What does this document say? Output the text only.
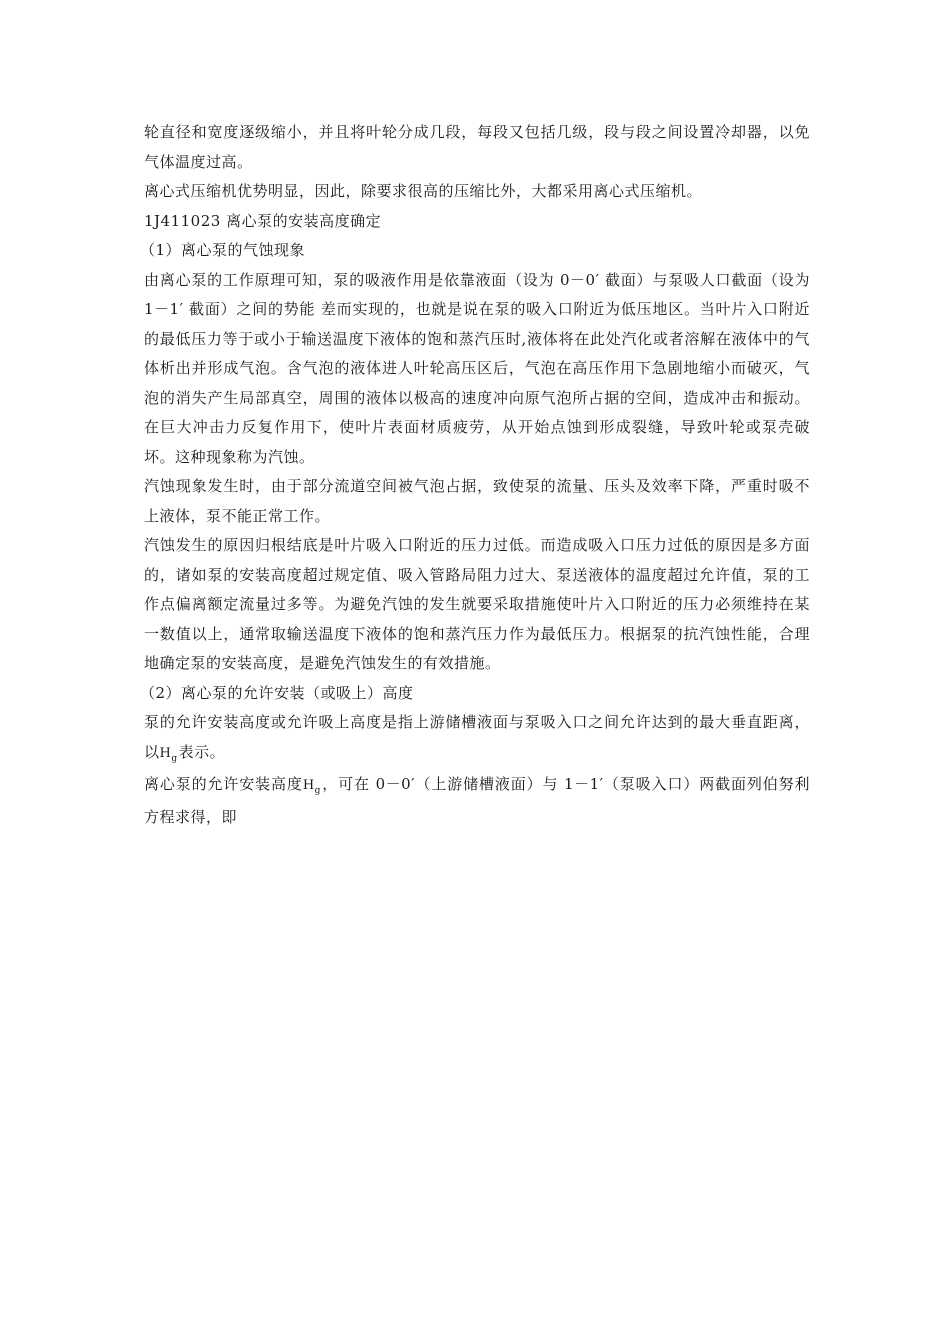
轮直径和宽度逐级缩小，并且将叶轮分成几段，每段又包括几级，段与段之间设置冷却器，以免气体温度过高。

离心式压缩机优势明显，因此，除要求很高的压缩比外，大都采用离心式压缩机。

1J411023 离心泵的安装高度确定

（1）离心泵的气蚀现象

由离心泵的工作原理可知，泵的吸液作用是依靠液面（设为 0－0′ 截面）与泵吸人口截面（设为 1－1′ 截面）之间的势能 差而实现的，也就是说在泵的吸入口附近为低压地区。当叶片入口附近的最低压力等于或小于输送温度下液体的饱和蒸汽压时,液体将在此处汽化或者溶解在液体中的气体析出并形成气泡。含气泡的液体进人叶轮高压区后，气泡在高压作用下急剧地缩小而破灭，气泡的消失产生局部真空，周围的液体以极高的速度冲向原气泡所占据的空间，造成冲击和振动。在巨大冲击力反复作用下，使叶片表面材质疲劳，从开始点蚀到形成裂缝，导致叶轮或泵壳破坏。这种现象称为汽蚀。

汽蚀现象发生时，由于部分流道空间被气泡占据，致使泵的流量、压头及效率下降，严重时吸不上液体，泵不能正常工作。

汽蚀发生的原因归根结底是叶片吸入口附近的压力过低。而造成吸入口压力过低的原因是多方面的，诸如泵的安装高度超过规定值、吸入管路局阻力过大、泵送液体的温度超过允许值，泵的工作点偏离额定流量过多等。为避免汽蚀的发生就要采取措施使叶片入口附近的压力必须维持在某一数值以上，通常取输送温度下液体的饱和蒸汽压力作为最低压力。根据泵的抗汽蚀性能，合理地确定泵的安装高度，是避免汽蚀发生的有效措施。

（2）离心泵的允许安装（或吸上）高度

泵的允许安装高度或允许吸上高度是指上游储槽液面与泵吸入口之间允许达到的最大垂直距离，以$H_g$表示。

离心泵的允许安装高度$H_g$，可在 0－0′（上游储槽液面）与 1－1′（泵吸入口）两截面列伯努利方程求得，即
